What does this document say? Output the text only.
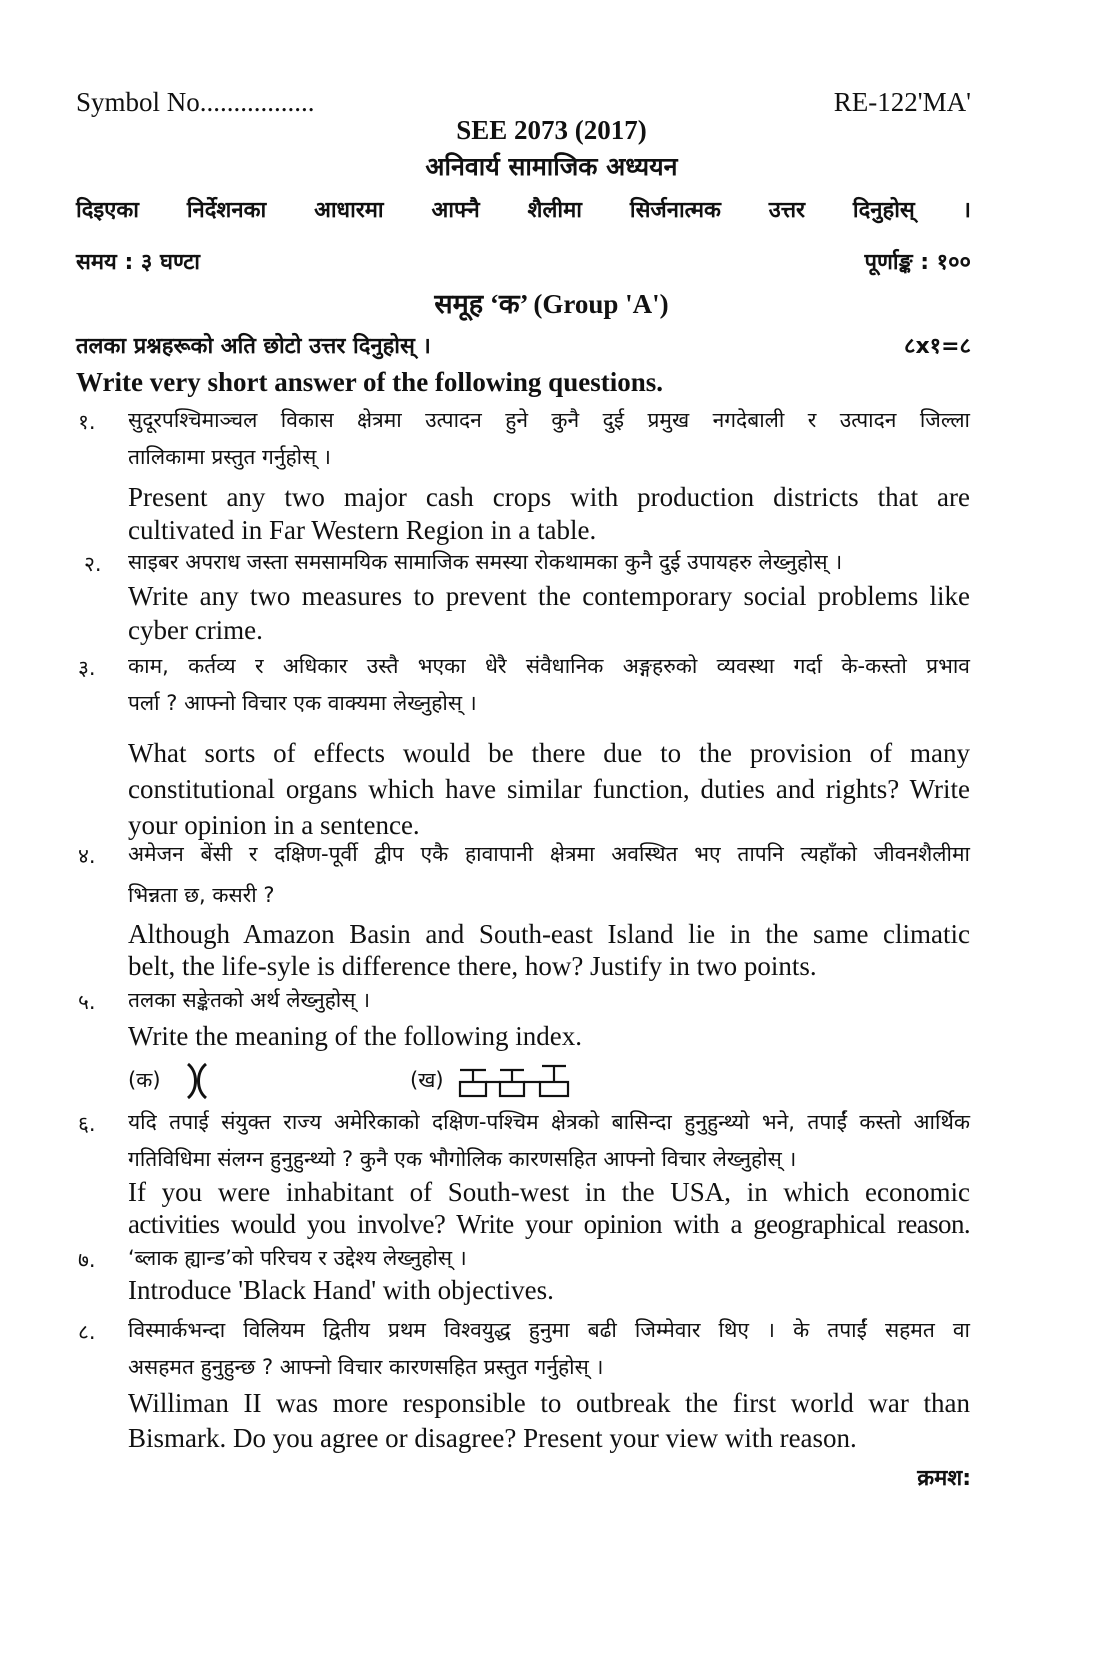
Symbol No.................	RE-122'MA'
SEE 2073 (2017)
अनिवार्य सामाजिक अध्ययन
दिइएका निर्देशनका आधारमा आफ्नै शैलीमा सिर्जनात्मक उत्तर दिनुहोस् ।
समय : ३ घण्टा	पूर्णाङ्क : १००
समूह ‘क’ (Group 'A')
तलका प्रश्नहरूको अति छोटो उत्तर दिनुहोस् ।	८x१=८
Write very short answer of the following questions.
१. सुदूरपश्चिमाञ्चल विकास क्षेत्रमा उत्पादन हुने कुनै दुई प्रमुख नगदेबाली र उत्पादन जिल्ला
तालिकामा प्रस्तुत गर्नुहोस् ।
Present any two major cash crops with production districts that are
cultivated in Far Western Region in a table.
२. साइबर अपराध जस्ता समसामयिक सामाजिक समस्या रोकथामका कुनै दुई उपायहरु लेख्नुहोस् ।
Write any two measures to prevent the contemporary social problems like
cyber crime.
३. काम, कर्तव्य र अधिकार उस्तै भएका धेरै संवैधानिक अङ्गहरुको व्यवस्था गर्दा के-कस्तो प्रभाव
पर्ला ? आफ्नो विचार एक वाक्यमा लेख्नुहोस् ।
What sorts of effects would be there due to the provision of many
constitutional organs which have similar function, duties and rights? Write
your opinion in a sentence.
४. अमेजन बेंसी र दक्षिण-पूर्वी द्वीप एकै हावापानी क्षेत्रमा अवस्थित भए तापनि त्यहाँको जीवनशैलीमा
भिन्नता छ, कसरी ?
Although Amazon Basin and South-east Island lie in the same climatic
belt, the life-syle is difference there, how? Justify in two points.
५. तलका सङ्केतको अर्थ लेख्नुहोस् ।
Write the meaning of the following index.
(क)	(ख)
६. यदि तपाई संयुक्त राज्य अमेरिकाको दक्षिण-पश्चिम क्षेत्रको बासिन्दा हुनुहुन्थ्यो भने, तपाईं कस्तो आर्थिक
गतिविधिमा संलग्न हुनुहुन्थ्यो ? कुनै एक भौगोलिक कारणसहित आफ्नो विचार लेख्नुहोस् ।
If you were inhabitant of South-west in the USA, in which economic
activities would you involve? Write your opinion with a geographical reason.
७. ‘ब्लाक ह्यान्ड’को परिचय र उद्देश्य लेख्नुहोस् ।
Introduce 'Black Hand' with objectives.
८. विस्मार्कभन्दा विलियम द्वितीय प्रथम विश्वयुद्ध हुनुमा बढी जिम्मेवार थिए । के तपाईं सहमत वा
असहमत हुनुहुन्छ ? आफ्नो विचार कारणसहित प्रस्तुत गर्नुहोस् ।
Williman II was more responsible to outbreak the first world war than
Bismark. Do you agree or disagree? Present your view with reason.
क्रमश:
